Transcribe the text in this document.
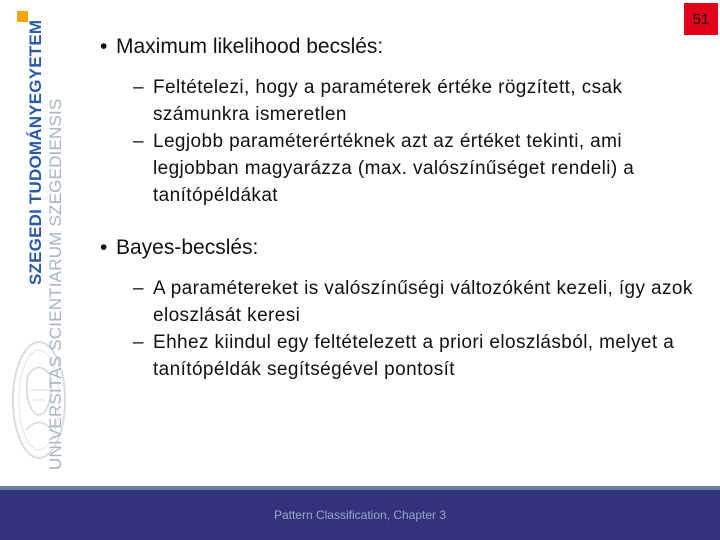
SZEGEDI TUDOMÁNYEGYETEM UNIVERSITAS SCIENTIARUM SZEGEDIENSIS
51
• Maximum likelihood becslés:
– Feltételezi, hogy a paraméterek értéke rögzített, csak számunkra ismeretlen
– Legjobb paraméterértéknek azt az értéket tekinti, ami legjobban magyarázza (max. valószínűséget rendeli) a tanítópéldákat
• Bayes-becslés:
– A paramétereket is valószínűségi változóként kezeli, így azok eloszlását keresi
– Ehhez kiindul egy feltételezett a priori eloszlásból, melyet a tanítópéldák segítségével pontosít
Pattern Classification, Chapter 3
